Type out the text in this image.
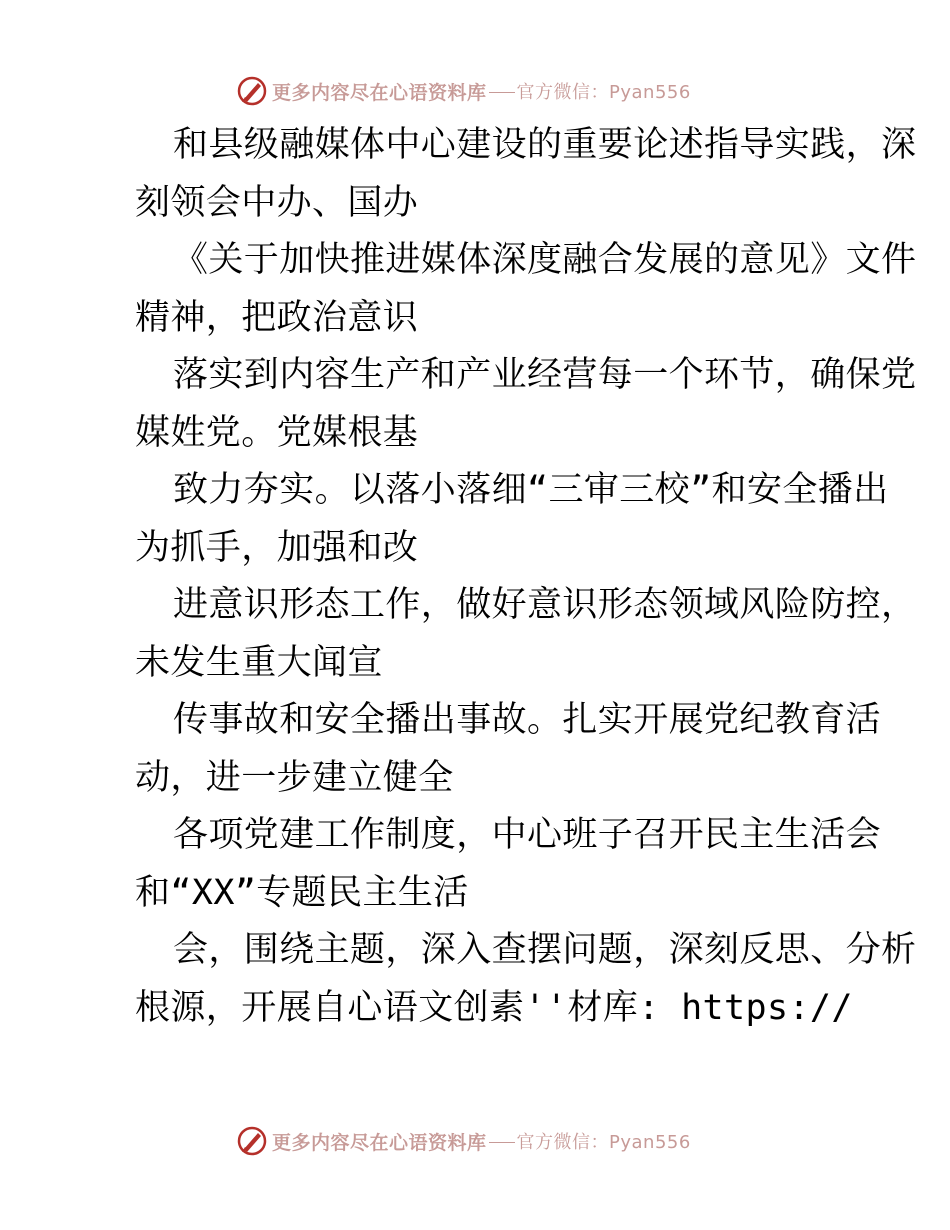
更多内容尽在心语资料库 官方微信：Pyan556

和县级融媒体中心建设的重要论述指导实践，深
刻领会中办、国办

《关于加快推进媒体深度融合发展的意见》文件
精神，把政治意识

落实到内容生产和产业经营每一个环节，确保党
媒姓党。党媒根基

致力夯实。以落小落细“三审三校”和安全播出
为抓手，加强和改

进意识形态工作，做好意识形态领域风险防控，
未发生重大闻宣

传事故和安全播出事故。扎实开展党纪教育活
动，进一步建立健全

各项党建工作制度，中心班子召开民主生活会
和“XX”专题民主生活

会，围绕主题，深入查摆问题，深刻反思、分析
根源，开展自心语文创素''材库: https://

更多内容尽在心语资料库 官方微信：Pyan556
